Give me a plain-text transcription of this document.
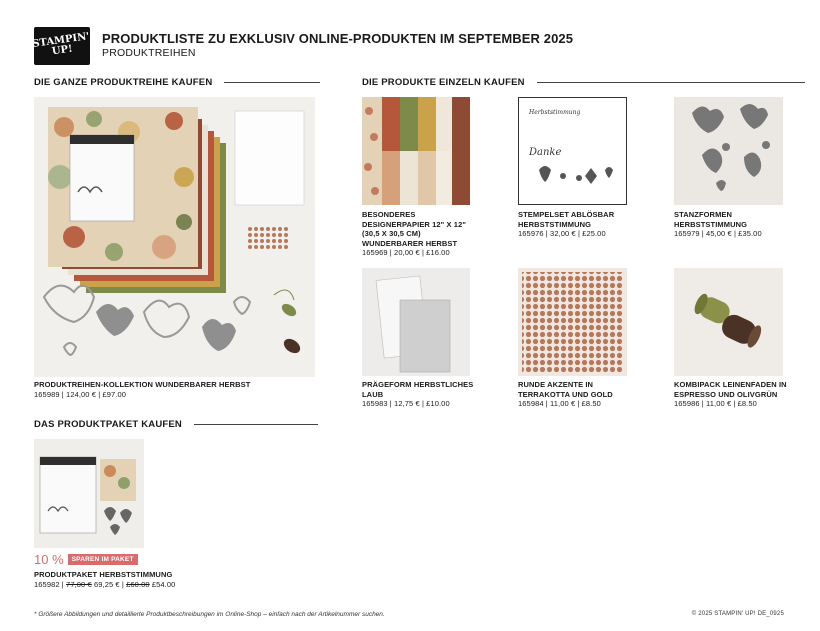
STAMPIN' UP!
PRODUKTLISTE ZU EXKLUSIV ONLINE-PRODUKTEN IM SEPTEMBER 2025
PRODUKTREIHEN
DIE GANZE PRODUKTREIHE KAUFEN	DIE PRODUKTE EINZELN KAUFEN
DAS PRODUKTPAKET KAUFEN
PRODUKTREIHEN-KOLLEKTION WUNDERBARER HERBST
165989 | 124,00 € | £97.00
BESONDERES DESIGNERPAPIER 12" X 12" (30,5 X 30,5 CM) WUNDERBARER HERBST
165969 | 20,00 € | £16.00
Herbststimmung
Danke
STEMPELSET ABLÖSBAR HERBSTSTIMMUNG
165976 | 32,00 € | £25.00
STANZFORMEN HERBSTSTIMMUNG
165979 | 45,00 € | £35.00
PRÄGEFORM HERBSTLICHES LAUB
165983 | 12,75 € | £10.00
RUNDE AKZENTE IN TERRAKOTTA UND GOLD
165984 | 11,00 € | £8.50
KOMBIPACK LEINENFADEN IN ESPRESSO UND OLIVGRÜN
165986 | 11,00 € | £8.50
10 %	SPAREN IM PAKET
PRODUKTPAKET HERBSTSTIMMUNG
165982 | 77,00 € 69,25 € | £60.00 £54.00
* Größere Abbildungen und detaillierte Produktbeschreibungen im Online-Shop – einfach nach der Artikelnummer suchen.	© 2025 STAMPIN' UP! DE_0925
